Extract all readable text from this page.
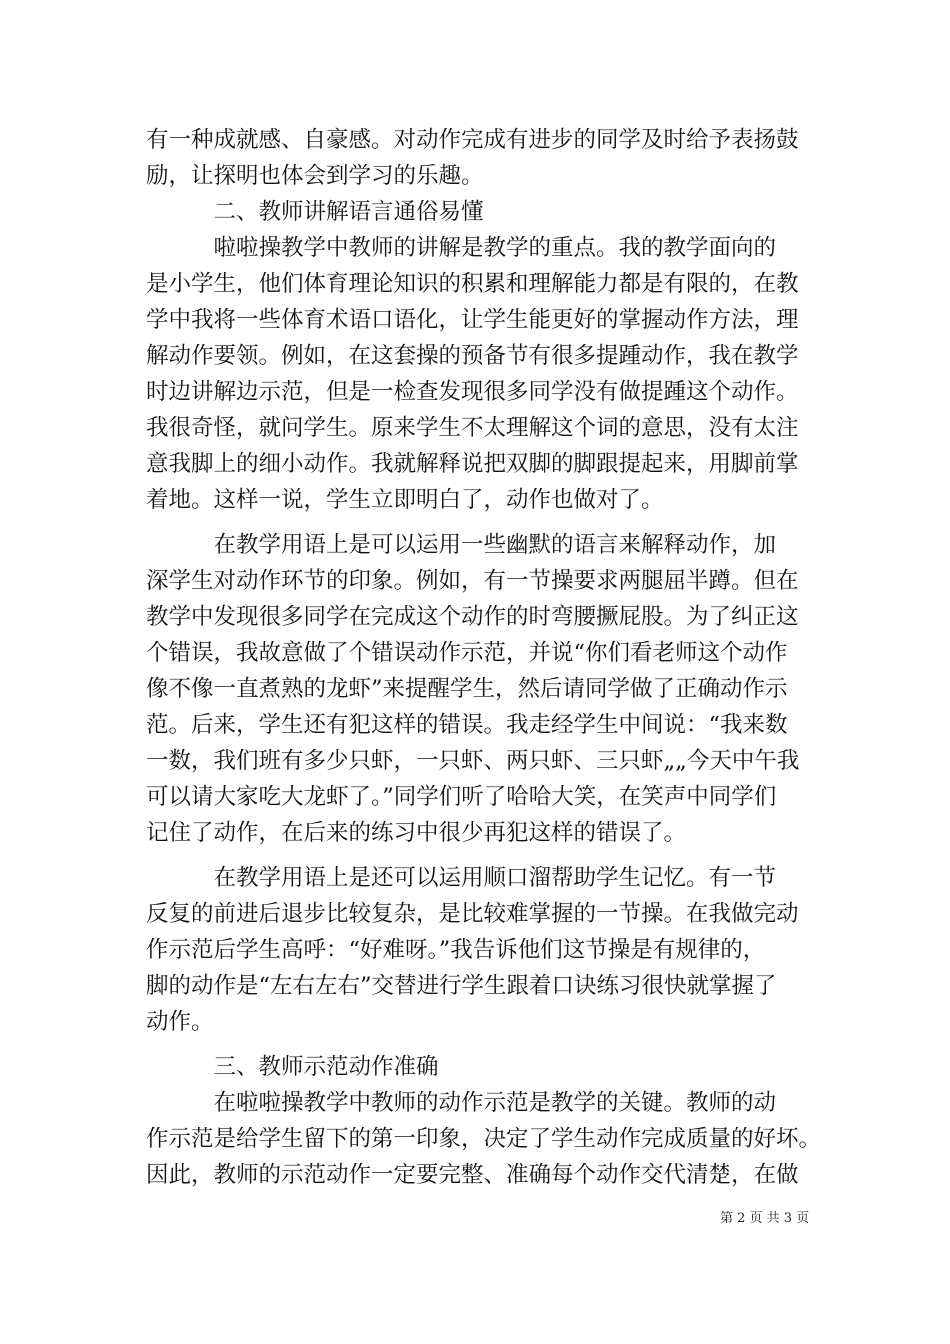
有一种成就感、自豪感。对动作完成有进步的同学及时给予表扬鼓
励，让探明也体会到学习的乐趣。
　　　二、教师讲解语言通俗易懂
　　　啦啦操教学中教师的讲解是教学的重点。我的教学面向的
是小学生，他们体育理论知识的积累和理解能力都是有限的，在教
学中我将一些体育术语口语化，让学生能更好的掌握动作方法，理
解动作要领。例如，在这套操的预备节有很多提踵动作，我在教学
时边讲解边示范，但是一检查发现很多同学没有做提踵这个动作。
我很奇怪，就问学生。原来学生不太理解这个词的意思，没有太注
意我脚上的细小动作。我就解释说把双脚的脚跟提起来，用脚前掌
着地。这样一说，学生立即明白了，动作也做对了。
　　　在教学用语上是可以运用一些幽默的语言来解释动作，加
深学生对动作环节的印象。例如，有一节操要求两腿屈半蹲。但在
教学中发现很多同学在完成这个动作的时弯腰撅屁股。为了纠正这
个错误，我故意做了个错误动作示范，并说“你们看老师这个动作
像不像一直煮熟的龙虾”来提醒学生，然后请同学做了正确动作示
范。后来，学生还有犯这样的错误。我走经学生中间说：“我来数
一数，我们班有多少只虾，一只虾、两只虾、三只虾„„今天中午我
可以请大家吃大龙虾了。”同学们听了哈哈大笑，在笑声中同学们
记住了动作，在后来的练习中很少再犯这样的错误了。
　　　在教学用语上是还可以运用顺口溜帮助学生记忆。有一节
反复的前进后退步比较复杂，是比较难掌握的一节操。在我做完动
作示范后学生高呼：“好难呀。”我告诉他们这节操是有规律的，
脚的动作是“左右左右”交替进行学生跟着口诀练习很快就掌握了
动作。
　　　三、教师示范动作准确
　　　在啦啦操教学中教师的动作示范是教学的关键。教师的动
作示范是给学生留下的第一印象，决定了学生动作完成质量的好坏。
因此，教师的示范动作一定要完整、准确每个动作交代清楚，在做
第 2 页 共 3 页
